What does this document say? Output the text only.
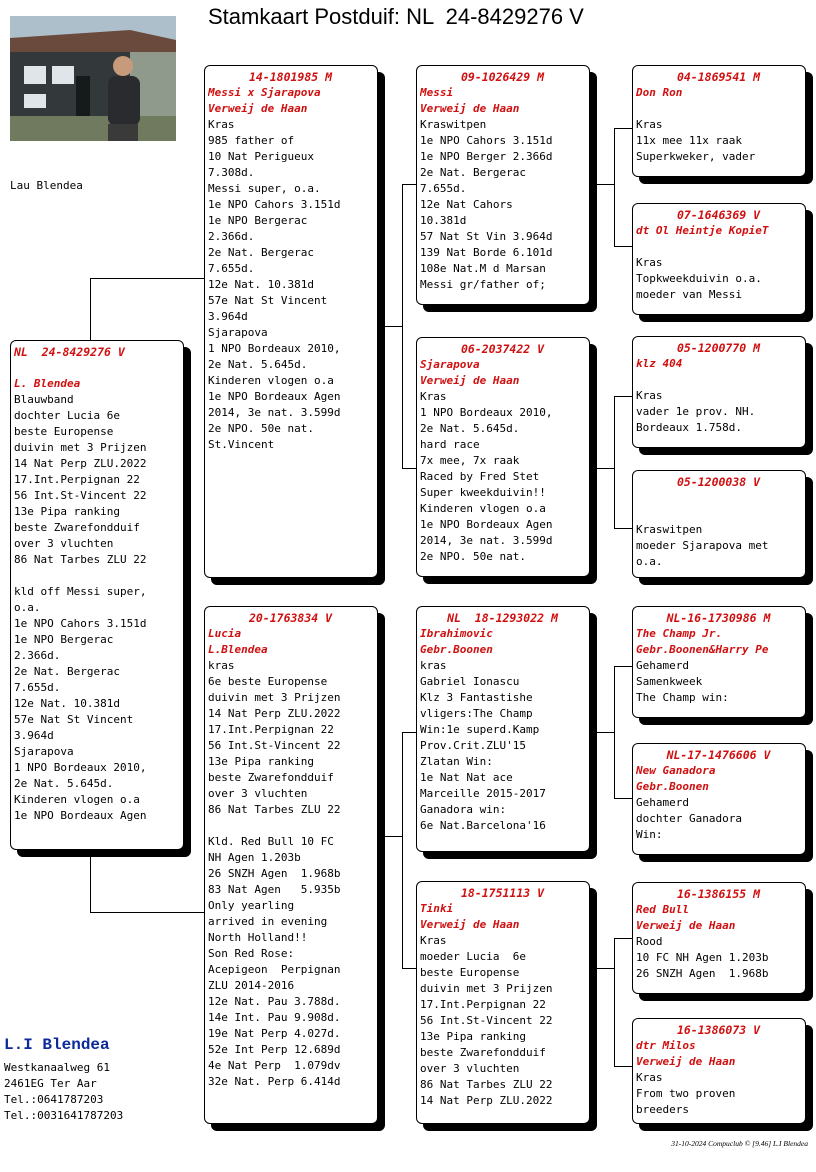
Stamkaart Postduif: NL  24-8429276 V
Lau Blendea
L.I Blendea
Westkanaalweg 61
2461EG Ter Aar
Tel.:0641787203
Tel.:0031641787203
31-10-2024 Compuclub © [9.46] L.I Blendea
NL  24-8429276 V

L. Blendea
Blauwband
dochter Lucia 6e
beste Europense
duivin met 3 Prijzen
14 Nat Perp ZLU.2022
17.Int.Perpignan 22
56 Int.St-Vincent 22
13e Pipa ranking
beste Zwarefondduif
over 3 vluchten
86 Nat Tarbes ZLU 22

kld off Messi super,
o.a.
1e NPO Cahors 3.151d
1e NPO Bergerac
2.366d.
2e Nat. Bergerac
7.655d.
12e Nat. 10.381d
57e Nat St Vincent
3.964d
Sjarapova
1 NPO Bordeaux 2010,
2e Nat. 5.645d.
Kinderen vlogen o.a
1e NPO Bordeaux Agen
14-1801985 M
Messi x Sjarapova
Verweij de Haan
Kras
985 father of
10 Nat Perigueux
7.308d.
Messi super, o.a.
1e NPO Cahors 3.151d
1e NPO Bergerac
2.366d.
2e Nat. Bergerac
7.655d.
12e Nat. 10.381d
57e Nat St Vincent
3.964d
Sjarapova
1 NPO Bordeaux 2010,
2e Nat. 5.645d.
Kinderen vlogen o.a
1e NPO Bordeaux Agen
2014, 3e nat. 3.599d
2e NPO. 50e nat.
St.Vincent
20-1763834 V
Lucia
L.Blendea
kras
6e beste Europense
duivin met 3 Prijzen
14 Nat Perp ZLU.2022
17.Int.Perpignan 22
56 Int.St-Vincent 22
13e Pipa ranking
beste Zwarefondduif
over 3 vluchten
86 Nat Tarbes ZLU 22

Kld. Red Bull 10 FC
NH Agen 1.203b
26 SNZH Agen  1.968b
83 Nat Agen   5.935b
Only yearling
arrived in evening
North Holland!!
Son Red Rose:
Acepigeon  Perpignan
ZLU 2014-2016
12e Nat. Pau 3.788d.
14e Int. Pau 9.908d.
19e Nat Perp 4.027d.
52e Int Perp 12.689d
4e Nat Perp  1.079dv
32e Nat. Perp 6.414d
09-1026429 M
Messi
Verweij de Haan
Kraswitpen
1e NPO Cahors 3.151d
1e NPO Berger 2.366d
2e Nat. Bergerac
7.655d.
12e Nat Cahors
10.381d
57 Nat St Vin 3.964d
139 Nat Borde 6.101d
108e Nat.M d Marsan
Messi gr/father of;
06-2037422 V
Sjarapova
Verweij de Haan
Kras
1 NPO Bordeaux 2010,
2e Nat. 5.645d.
hard race
7x mee, 7x raak
Raced by Fred Stet
Super kweekduivin!!
Kinderen vlogen o.a
1e NPO Bordeaux Agen
2014, 3e nat. 3.599d
2e NPO. 50e nat.
NL  18-1293022 M
Ibrahimovic
Gebr.Boonen
kras
Gabriel Ionascu
Klz 3 Fantastishe
vligers:The Champ
Win:1e superd.Kamp
Prov.Crit.ZLU'15
Zlatan Win:
1e Nat Nat ace
Marceille 2015-2017
Ganadora win:
6e Nat.Barcelona'16
18-1751113 V
Tinki
Verweij de Haan
Kras
moeder Lucia  6e
beste Europense
duivin met 3 Prijzen
17.Int.Perpignan 22
56 Int.St-Vincent 22
13e Pipa ranking
beste Zwarefondduif
over 3 vluchten
86 Nat Tarbes ZLU 22
14 Nat Perp ZLU.2022
04-1869541 M
Don Ron

Kras
11x mee 11x raak
Superkweker, vader
07-1646369 V
dt Ol Heintje KopieT

Kras
Topkweekduivin o.a.
moeder van Messi
05-1200770 M
klz 404

Kras
vader 1e prov. NH.
Bordeaux 1.758d.
05-1200038 V

Kraswitpen
moeder Sjarapova met
o.a.
NL-16-1730986 M
The Champ Jr.
Gebr.Boonen&Harry Pe
Gehamerd
Samenkweek
The Champ win:
NL-17-1476606 V
New Ganadora
Gebr.Boonen
Gehamerd
dochter Ganadora
Win:
16-1386155 M
Red Bull
Verweij de Haan
Rood
10 FC NH Agen 1.203b
26 SNZH Agen  1.968b
16-1386073 V
dtr Milos
Verweij de Haan
Kras
From two proven
breeders
